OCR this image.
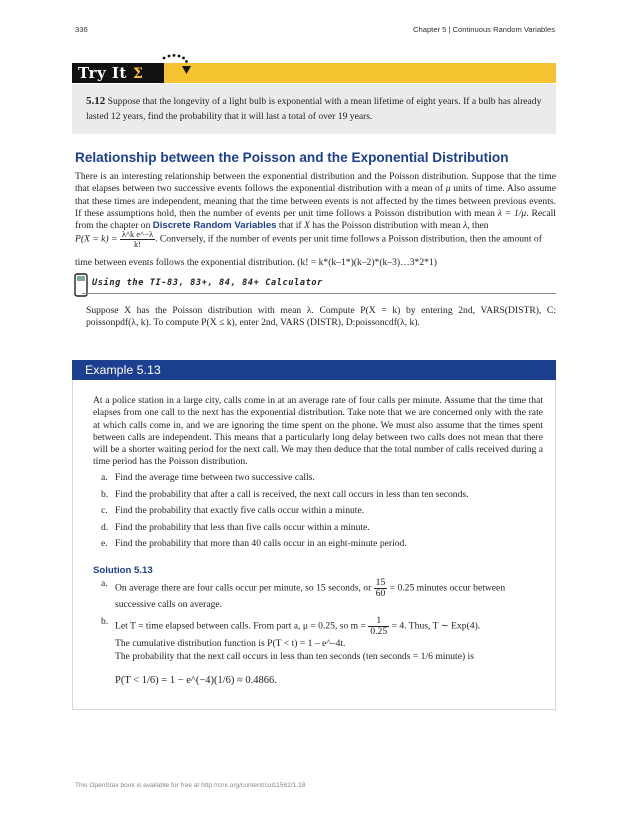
336	Chapter 5 | Continuous Random Variables
Try It Σ
5.12 Suppose that the longevity of a light bulb is exponential with a mean lifetime of eight years. If a bulb has already lasted 12 years, find the probability that it will last a total of over 19 years.
Relationship between the Poisson and the Exponential Distribution
There is an interesting relationship between the exponential distribution and the Poisson distribution. Suppose that the time that elapses between two successive events follows the exponential distribution with a mean of μ units of time. Also assume that these times are independent, meaning that the time between events is not affected by the times between previous events. If these assumptions hold, then the number of events per unit time follows a Poisson distribution with mean λ = 1/μ. Recall from the chapter on Discrete Random Variables that if X has the Poisson distribution with mean λ, then
$P(X = k) = \frac{\text{λ\textasciicircum{}k e\textasciicircum{}−λ}}{k!}$ . Conversely, if the number of events per unit time follows a Poisson distribution, then the amount of
time between events follows the exponential distribution. (k! = k*(k–1*)(k–2)*(k–3)…3*2*1)
Using the TI-83, 83+, 84, 84+ Calculator
Suppose X has the Poisson distribution with mean λ. Compute P(X = k) by entering 2nd, VARS(DISTR), C: poissonpdf(λ, k). To compute P(X ≤ k), enter 2nd, VARS (DISTR), D:poissoncdf(λ, k).
Example 5.13
At a police station in a large city, calls come in at an average rate of four calls per minute. Assume that the time that elapses from one call to the next has the exponential distribution. Take note that we are concerned only with the rate at which calls come in, and we are ignoring the time spent on the phone. We must also assume that the times spent between calls are independent. This means that a particularly long delay between two calls does not mean that there will be a shorter waiting period for the next call. We may then deduce that the total number of calls received during a time period has the Poisson distribution.
a. Find the average time between two successive calls.
b. Find the probability that after a call is received, the next call occurs in less than ten seconds.
c. Find the probability that exactly five calls occur within a minute.
d. Find the probability that less than five calls occur within a minute.
e. Find the probability that more than 40 calls occur in an eight-minute period.
Solution 5.13
a. On average there are four calls occur per minute, so 15 seconds, or $\frac{15}{60} = 0.25$ minutes occur between
successive calls on average.
b. Let T = time elapsed between calls. From part a, μ = 0.25, so $m = \frac{1}{0.25} = 4$. Thus, T ∼ Exp(4).
The cumulative distribution function is P(T < t) = 1 – e^–4t.
The probability that the next call occurs in less than ten seconds (ten seconds = 1/6 minute) is
P(T < 1/6) = 1 − e^(−4)(1/6) ≈ 0.4866.
This OpenStax book is available for free at http://cnx.org/content/col11562/1.18
